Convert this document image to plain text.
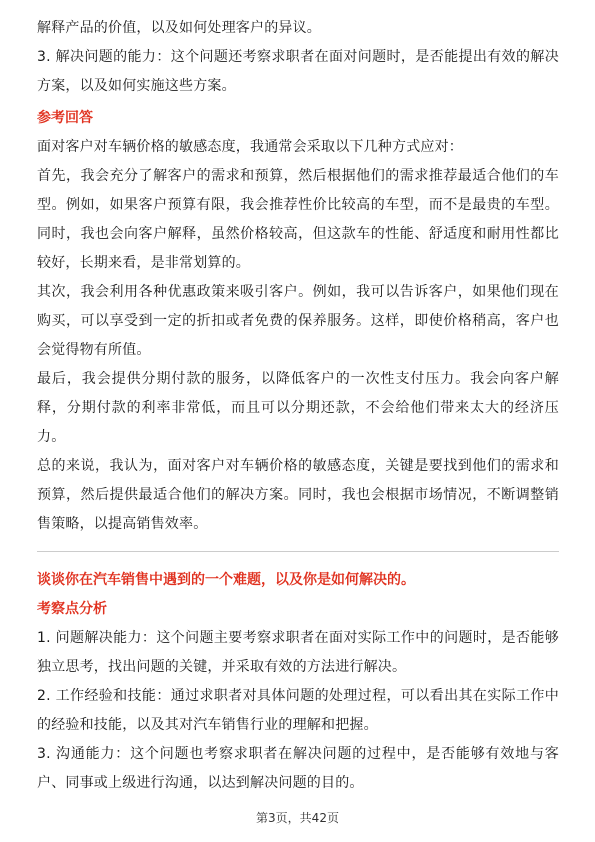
解释产品的价值，以及如何处理客户的异议。

3. 解决问题的能力：这个问题还考察求职者在面对问题时，是否能提出有效的解决方案，以及如何实施这些方案。

参考回答

面对客户对车辆价格的敏感态度，我通常会采取以下几种方式应对：

首先，我会充分了解客户的需求和预算，然后根据他们的需求推荐最适合他们的车型。例如，如果客户预算有限，我会推荐性价比较高的车型，而不是最贵的车型。同时，我也会向客户解释，虽然价格较高，但这款车的性能、舒适度和耐用性都比较好，长期来看，是非常划算的。

其次，我会利用各种优惠政策来吸引客户。例如，我可以告诉客户，如果他们现在购买，可以享受到一定的折扣或者免费的保养服务。这样，即使价格稍高，客户也会觉得物有所值。

最后，我会提供分期付款的服务，以降低客户的一次性支付压力。我会向客户解释，分期付款的利率非常低，而且可以分期还款，不会给他们带来太大的经济压力。

总的来说，我认为，面对客户对车辆价格的敏感态度，关键是要找到他们的需求和预算，然后提供最适合他们的解决方案。同时，我也会根据市场情况，不断调整销售策略，以提高销售效率。

谈谈你在汽车销售中遇到的一个难题，以及你是如何解决的。
考察点分析

1. 问题解决能力：这个问题主要考察求职者在面对实际工作中的问题时，是否能够独立思考，找出问题的关键，并采取有效的方法进行解决。

2. 工作经验和技能：通过求职者对具体问题的处理过程，可以看出其在实际工作中的经验和技能，以及其对汽车销售行业的理解和把握。

3. 沟通能力：这个问题也考察求职者在解决问题的过程中，是否能够有效地与客户、同事或上级进行沟通，以达到解决问题的目的。

第3页，共42页
